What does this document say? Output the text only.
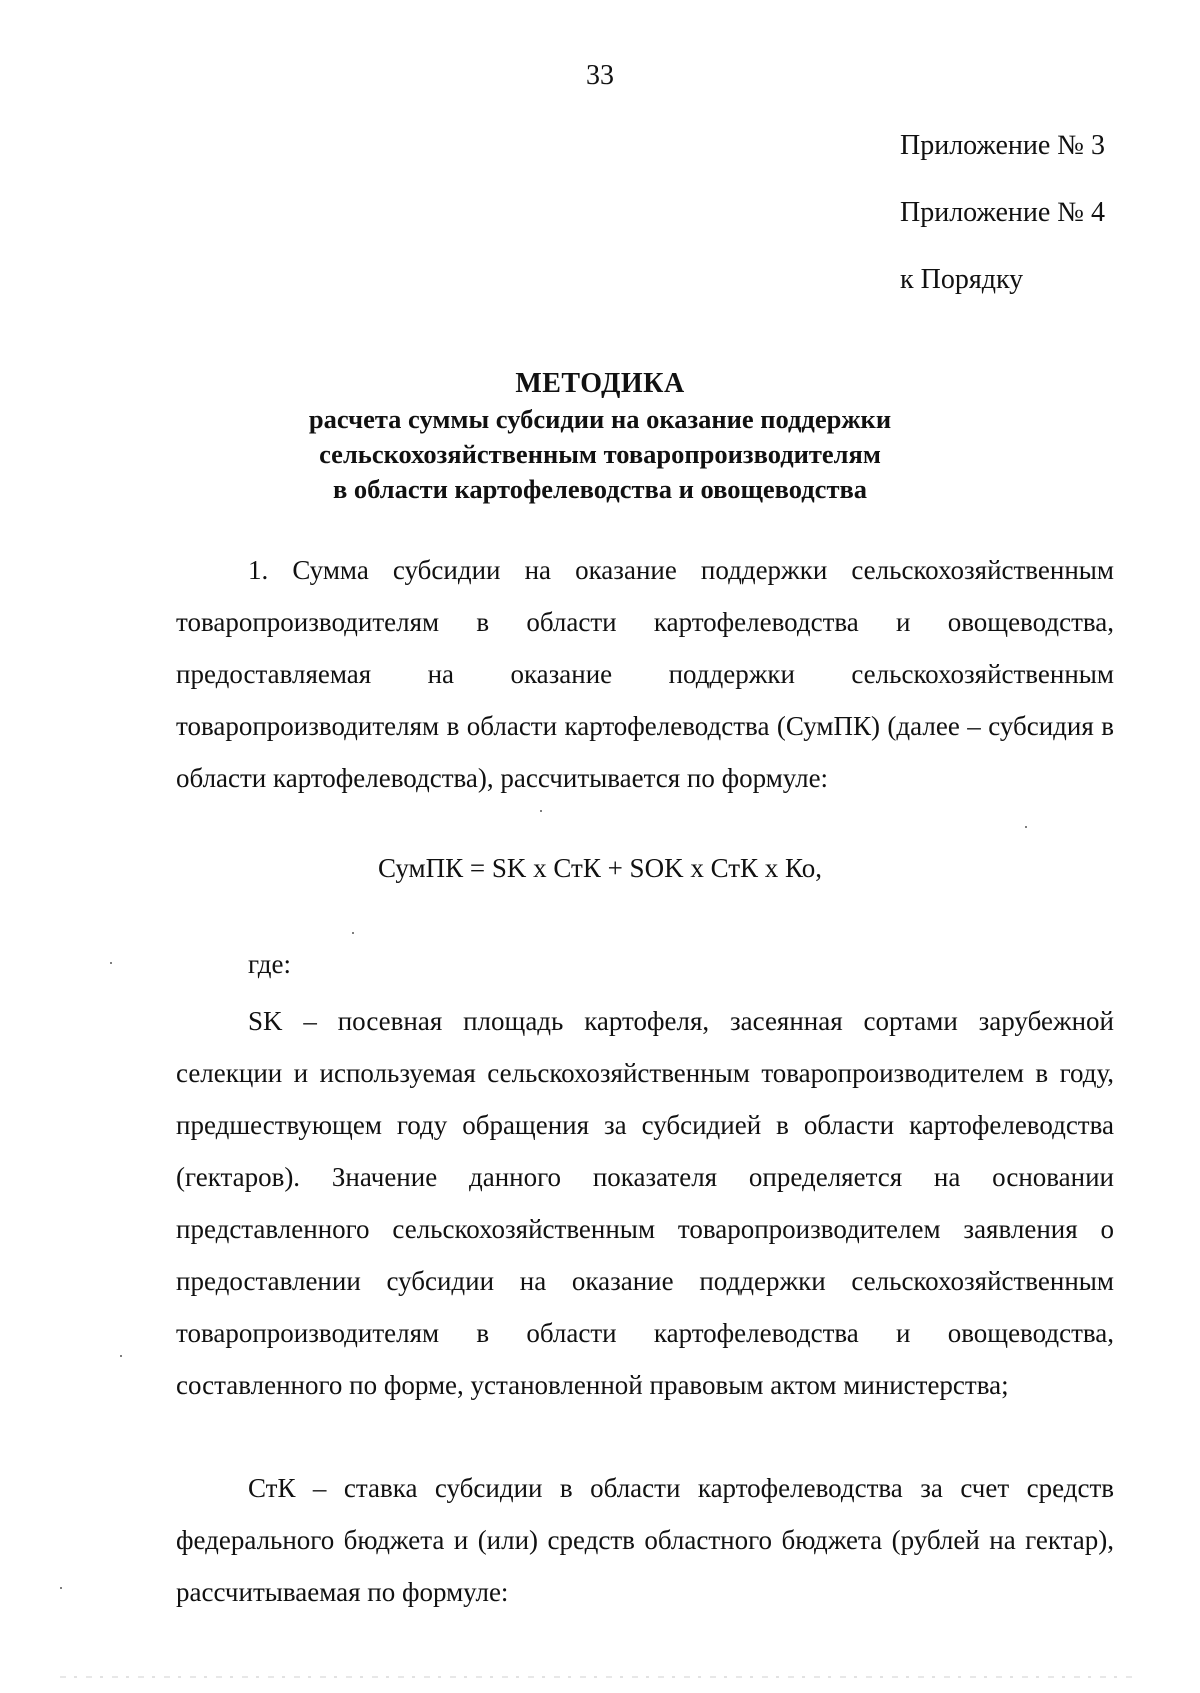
33
Приложение № 3
Приложение № 4
к Порядку
МЕТОДИКА
расчета суммы субсидии на оказание поддержки
сельскохозяйственным товаропроизводителям
в области картофелеводства и овощеводства

1. Сумма субсидии на оказание поддержки сельскохозяйственным товаропроизводителям в области картофелеводства и овощеводства, предоставляемая на оказание поддержки сельскохозяйственным товаропроизводителям в области картофелеводства (СумПК) (далее – субсидия в области картофелеводства), рассчитывается по формуле:

СумПК = SK x СтК + SOK x СтК x Ко,
где:

SK – посевная площадь картофеля, засеянная сортами зарубежной селекции и используемая сельскохозяйственным товаропроизводителем в году, предшествующем году обращения за субсидией в области картофелеводства (гектаров). Значение данного показателя определяется на основании представленного сельскохозяйственным товаропроизводителем заявления о предоставлении субсидии на оказание поддержки сельскохозяйственным товаропроизводителям в области картофелеводства и овощеводства, составленного по форме, установленной правовым актом министерства;

СтК – ставка субсидии в области картофелеводства за счет средств федерального бюджета и (или) средств областного бюджета (рублей на гектар), рассчитываемая по формуле:
